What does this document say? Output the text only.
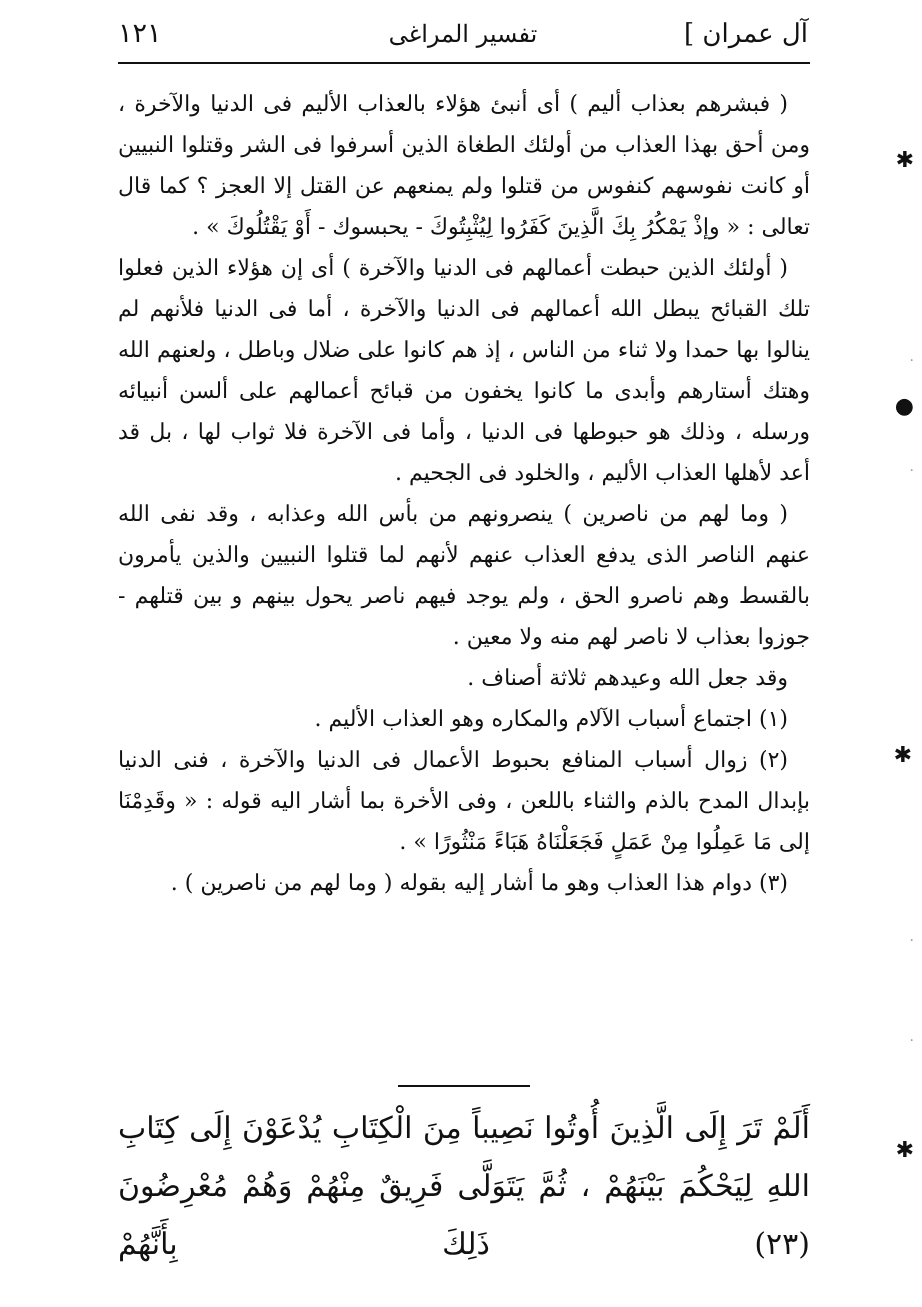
آل عمران ]
تفسير المراغى
١٢١

( فبشرهم بعذاب أليم ) أى أنبئ هؤلاء بالعذاب الأليم فى الدنيا والآخرة ، ومن أحق بهذا العذاب من أولئك الطغاة الذين أسرفوا فى الشر وقتلوا النبيين أو كانت نفوسهم كنفوس من قتلوا ولم يمنعهم عن القتل إلا العجز ؟ كما قال تعالى : « وإذْ يَمْكُرُ بِكَ الَّذِينَ كَفَرُوا لِيُثْبِتُوكَ - يحبسوك - أَوْ يَقْتُلُوكَ » .

( أولئك الذين حبطت أعمالهم فى الدنيا والآخرة ) أى إن هؤلاء الذين فعلوا تلك القبائح يبطل الله أعمالهم فى الدنيا والآخرة ، أما فى الدنيا فلأنهم لم ينالوا بها حمدا ولا ثناء من الناس ، إذ هم كانوا على ضلال وباطل ، ولعنهم الله وهتك أستارهم وأبدى ما كانوا يخفون من قبائح أعمالهم على ألسن أنبيائه ورسله ، وذلك هو حبوطها فى الدنيا ، وأما فى الآخرة فلا ثواب لها ، بل قد أعد لأهلها العذاب الأليم ، والخلود فى الجحيم .

( وما لهم من ناصرين ) ينصرونهم من بأس الله وعذابه ، وقد نفى الله عنهم الناصر الذى يدفع العذاب عنهم لأنهم لما قتلوا النبيين والذين يأمرون بالقسط وهم ناصرو الحق ، ولم يوجد فيهم ناصر يحول بينهم و بين قتلهم - جوزوا بعذاب لا ناصر لهم منه ولا معين .

وقد جعل الله وعيدهم ثلاثة أصناف .

(١) اجتماع أسباب الآلام والمكاره وهو العذاب الأليم .

(٢) زوال أسباب المنافع بحبوط الأعمال فى الدنيا والآخرة ، فنى الدنيا بإبدال المدح بالذم والثناء باللعن ، وفى الأخرة بما أشار اليه قوله : « وقَدِمْنَا إلى مَا عَمِلُوا مِنْ عَمَلٍ فَجَعَلْنَاهُ هَبَاءً مَنْثُورًا » .

(٣) دوام هذا العذاب وهو ما أشار إليه بقوله ( وما لهم من ناصرين ) .

أَلَمْ تَرَ إِلَى الَّذِينَ أُوتُوا نَصِيباً مِنَ الْكِتَابِ يُدْعَوْنَ إِلَى كِتَابِ اللهِ لِيَحْكُمَ بَيْنَهُمْ ، ثُمَّ يَتَوَلَّى فَرِيقٌ مِنْهُمْ وَهُمْ مُعْرِضُونَ (٢٣) ذَلِكَ بِأَنَّهُمْ
✱
●
✱
✱
·
·
·
·
